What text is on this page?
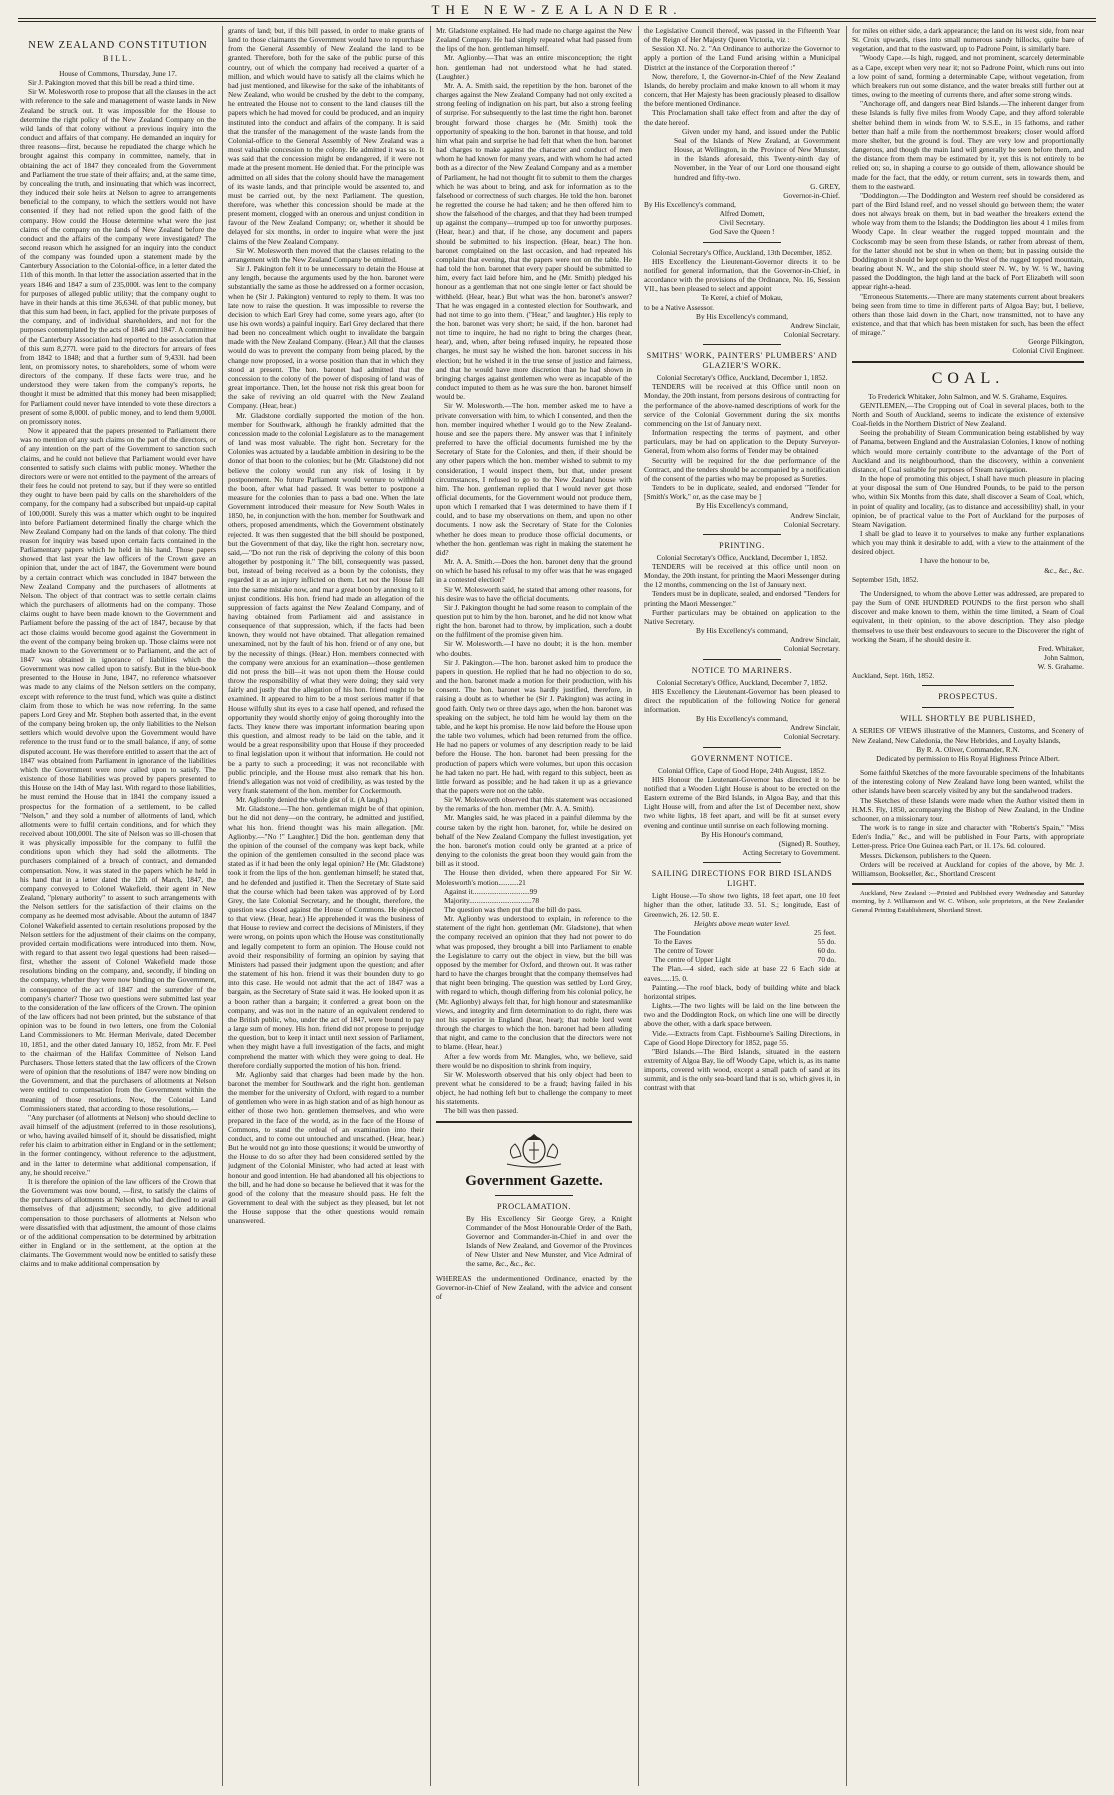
THE NEW-ZEALANDER.
NEW ZEALAND CONSTITUTION
BILL.

House of Commons, Thursday, June 17.

Sir J. Pakington moved that this bill be read a third time.

Sir W. Molesworth rose to propose that all the clauses in the act with reference to the sale and management of waste lands in New Zealand be struck out. It was impossible for the House to determine the right policy of the New Zealand Company on the wild lands of that colony without a previous inquiry into the conduct and affairs of that company. He demanded an inquiry for three reasons—first, because he repudiated the charge which he brought against this company in committee, namely, that in obtaining the act of 1847 they concealed from the Government and Parliament the true state of their affairs; and, at the same time, by concealing the truth, and insinuating that which was incorrect, they induced their sole heirs at Nelson to agree to arrangements beneficial to the company, to which the settlers would not have consented if they had not relied upon the good faith of the company. How could the House determine what were the just claims of the company on the lands of New Zealand before the conduct and the affairs of the company were investigated? The second reason which he assigned for an inquiry into the conduct of the company was founded upon a statement made by the Canterbury Association to the Colonial-office, in a letter dated the 11th of this month. In that letter the association asserted that in the years 1846 and 1847 a sum of 235,000l. was lent to the company for purposes of alleged public utility; that the company ought to have in their hands at this time 36,634l. of that public money, but that this sum had been, in fact, applied for the private purposes of the company, and of individual shareholders, and not for the purposes contemplated by the acts of 1846 and 1847. A committee of the Canterbury Association had reported to the association that of this sum 8,277l. were paid to the directors for arrears of fees from 1842 to 1848; and that a further sum of 9,433l. had been lent, on promissory notes, to shareholders, some of whom were directors of the company. If these facts were true, and he understood they were taken from the company's reports, he thought it must be admitted that this money had been misapplied; for Parliament could never have intended to vote these directors a present of some 8,000l. of public money, and to lend them 9,000l. on promissory notes.

Now it appeared that the papers presented to Parliament there was no mention of any such claims on the part of the directors, or of any intention on the part of the Government to sanction such claims, and he could not believe that Parliament would ever have consented to satisfy such claims with public money. Whether the directors were or were not entitled to the payment of the arrears of their fees he could not pretend to say, but if they were so entitled they ought to have been paid by calls on the shareholders of the company, for the company had a subscribed but unpaid-up capital of 100,000l. Surely this was a matter which ought to be inquired into before Parliament determined finally the charge which the New Zealand Company had on the lands of that colony. The third reason for inquiry was based upon certain facts contained in the Parliamentary papers which he held in his hand. Those papers showed that last year the law officers of the Crown gave an opinion that, under the act of 1847, the Government were bound by a certain contract which was concluded in 1847 between the New Zealand Company and the purchasers of allotments at Nelson. The object of that contract was to settle certain claims which the purchasers of allotments had on the company. Those claims ought to have been made known to the Government and Parliament before the passing of the act of 1847, because by that act those claims would become good against the Government in the event of the company being broken up. Those claims were not made known to the Government or to Parliament, and the act of 1847 was obtained in ignorance of liabilities which the Government was now called upon to satisfy. But in the blue-book presented to the House in June, 1847, no reference whatsoever was made to any claims of the Nelson settlers on the company, except with reference to the trust fund, which was quite a distinct claim from those to which he was now referring. In the same papers Lord Grey and Mr. Stephen both asserted that, in the event of the company being broken up, the only liabilities to the Nelson settlers which would devolve upon the Government would have reference to the trust fund or to the small balance, if any, of some disputed account. He was therefore entitled to assert that the act of 1847 was obtained from Parliament in ignorance of the liabilities which the Government were now called upon to satisfy. The existence of those liabilities was proved by papers presented to this House on the 14th of May last. With regard to those liabilities, he must remind the House that in 1841 the company issued a prospectus for the formation of a settlement, to be called "Nelson," and they sold a number of allotments of land, which allotments were to fulfil certain conditions, and for which they received about 100,000l. The site of Nelson was so ill-chosen that it was physically impossible for the company to fulfil the conditions upon which they had sold the allotments. The purchasers complained of a breach of contract, and demanded compensation. Now, it was stated in the papers which he held in his hand that in a letter dated the 12th of March, 1847, the company conveyed to Colonel Wakefield, their agent in New Zealand, "plenary authority" to assent to such arrangements with the Nelson settlers for the satisfaction of their claims on the company as he deemed most advisable. About the autumn of 1847 Colonel Wakefield assented to certain resolutions proposed by the Nelson settlers for the adjustment of their claims on the company, provided certain modifications were introduced into them. Now, with regard to that assent two legal questions had been raised—first, whether the assent of Colonel Wakefield made those resolutions binding on the company, and, secondly, if binding on the company, whether they were now binding on the Government, in consequence of the act of 1847 and the surrender of the company's charter? Those two questions were submitted last year to the consideration of the law officers of the Crown. The opinion of the law officers had not been printed, but the substance of that opinion was to be found in two letters, one from the Colonial Land Commissioners to Mr. Herman Merivale, dated December 10, 1851, and the other dated January 10, 1852, from Mr. F. Peel to the chairman of the Halifax Committee of Nelson Land Purchasers. Those letters stated that the law officers of the Crown were of opinion that the resolutions of 1847 were now binding on the Government, and that the purchasers of allotments at Nelson were entitled to compensation from the Government within the meaning of those resolutions. Now, the Colonial Land Commissioners stated, that according to those resolutions,—

"Any purchaser (of allotments at Nelson) who should decline to avail himself of the adjustment (referred to in those resolutions), or who, having availed himself of it, should be dissatisfied, might refer his claim to arbitration either in England or in the settlement; in the former contingency, without reference to the adjustment, and in the latter to determine what additional compensation, if any, he should receive."

It is therefore the opinion of the law officers of the Crown that the Government was now bound, —first, to satisfy the claims of the purchasers of allotments at Nelson who had declined to avail themselves of that adjustment; secondly, to give additional compensation to those purchasers of allotments at Nelson who were dissatisfied with that adjustment, the amount of those claims or of the additional compensation to be determined by arbitration either in England or in the settlement, at the option at the claimants. The Government would now be entitled to satisfy these claims and to make additional compensation by

grants of land; but, if this bill passed, in order to make grants of land to those claimants the Government would have to repurchase from the General Assembly of New Zealand the land to be granted. Therefore, both for the sake of the public purse of this country, out of which the company had received a quarter of a million, and which would have to satisfy all the claims which he had just mentioned, and likewise for the sake of the inhabitants of New Zealand, who would be crushed by the debt to the company, he entreated the House not to consent to the land clauses till the papers which he had moved for could be produced, and an inquiry instituted into the conduct and affairs of the company. It is said that the transfer of the management of the waste lands from the Colonial-office to the General Assembly of New Zealand was a most valuable concession to the colony. He admitted it was so. It was said that the concession might be endangered, if it were not made at the present moment. He denied that. For the principle was admitted on all sides that the colony should have the management of its waste lands, and that principle would be assented to, and must be carried out, by the next Parliament. The question, therefore, was whether this concession should be made at the present moment, clogged with an onerous and unjust condition in favour of the New Zealand Company; or, whether it should be delayed for six months, in order to inquire what were the just claims of the New Zealand Company.

Sir W. Molesworth then moved that the clauses relating to the arrangement with the New Zealand Company be omitted.

Sir J. Pakington felt it to be unnecessary to detain the House at any length, because the arguments used by the hon. baronet were substantially the same as those he addressed on a former occasion, when he (Sir J. Pakington) ventured to reply to them. It was too late now to raise the question. It was impossible to reverse the decision to which Earl Grey had come, some years ago, after (to use his own words) a painful inquiry. Earl Grey declared that there had been no concealment which ought to invalidate the bargain made with the New Zealand Company. (Hear.) All that the clauses would do was to prevent the company from being placed, by the change now proposed, in a worse position than that in which they stood at present. The hon. baronet had admitted that the concession to the colony of the power of disposing of land was of great importance. Then, let the house not risk this great boon for the sake of reviving an old quarrel with the New Zealand Company. (Hear, hear.)

Mr. Gladstone cordially supported the motion of the hon. member for Southwark, although he frankly admitted that the concession made to the colonial Legislature as to the management of land was most valuable. The right hon. Secretary for the Colonies was actuated by a laudable ambition in desiring to be the donor of that boon to the colonies; but he (Mr. Gladstone) did not believe the colony would run any risk of losing it by postponement. No future Parliament would venture to withhold the boon, after what had passed. It was better to postpone a measure for the colonies than to pass a bad one. When the late Government introduced their measure for New South Wales in 1850, he, in conjunction with the hon. member for Southwark and others, proposed amendments, which the Government obstinately rejected. It was then suggested that the bill should be postponed, but the Government of that day, like the right hon. secretary now, said,—"Do not run the risk of depriving the colony of this boon altogether by postponing it." The bill, consequently was passed, but, instead of being received as a boon by the colonists, they regarded it as an injury inflicted on them. Let not the House fall into the same mistake now, and mar a great boon by annexing to it unjust conditions. His hon. friend had made an allegation of the suppression of facts against the New Zealand Company, and of having obtained from Parliament aid and assistance in consequence of that suppression, which, if the facts had been known, they would not have obtained. That allegation remained unexamined, not by the fault of his hon. friend or of any one, but by the necessity of things. (Hear.) Hon. members connected with the company were anxious for an examination—those gentlemen did not press the bill—it was not upon them the House could throw the responsibility of what they were doing; they said very fairly and justly that the allegation of his hon. friend ought to be examined. It appeared to him to be a most serious matter if that House wilfully shut its eyes to a case half opened, and refused the opportunity they would shortly enjoy of going thoroughly into the facts. They knew there was important information bearing upon this question, and almost ready to be laid on the table, and it would be a great responsibility upon that House if they proceeded to final legislation upon it without that information. He could not be a party to such a proceeding; it was not reconcilable with public principle, and the House must also remark that his hon. friend's allegation was not void of credibility, as was tested by the very frank statement of the hon. member for Cockermouth.

Mr. Aglionby denied the whole gist of it. (A laugh.)

Mr. Gladstone.—The hon. gentleman might be of that opinion, but he did not deny—on the contrary, he admitted and justified, what his hon. friend thought was his main allegation. [Mr. Aglionby.—"No !" Laughter.] Did the hon. gentleman deny that the opinion of the counsel of the company was kept back, while the opinion of the gentlemen consulted in the second place was stated as if it had been the only legal opinion? He (Mr. Gladstone) took it from the lips of the hon. gentleman himself; he stated that, and he defended and justified it. Then the Secretary of State said that the course which had been taken was approved of by Lord Grey, the late Colonial Secretary, and he thought, therefore, the question was closed against the House of Commons. He objected to that view. (Hear, hear.) He apprehended it was the business of that House to review and correct the decisions of Ministers, if they were wrong, on points upon which the House was constitutionally and legally competent to form an opinion. The House could not avoid their responsibility of forming an opinion by saying that Ministers had passed their judgment upon the question; and after the statement of his hon. friend it was their bounden duty to go into this case. He would not admit that the act of 1847 was a bargain, as the Secretary of State said it was. He looked upon it as a boon rather than a bargain; it conferred a great boon on the company, and was not in the nature of an equivalent rendered to the British public, who, under the act of 1847, were bound to pay a large sum of money. His hon. friend did not propose to prejudge the question, but to keep it intact until next session of Parliament, when they might have a full investigation of the facts, and might comprehend the matter with which they were going to deal. He therefore cordially supported the motion of his hon. friend.

Mr. Aglionby said that charges had been made by the hon. baronet the member for Southwark and the right hon. gentleman the member for the university of Oxford, with regard to a number of gentlemen who were in as high station and of as high honour as either of those two hon. gentlemen themselves, and who were prepared in the face of the world, as in the face of the House of Commons, to stand the ordeal of an examination into their conduct, and to come out untouched and unscathed. (Hear, hear.) But he would not go into those questions; it would be unworthy of the House to do so after they had been considered settled by the judgment of the Colonial Minister, who had acted at least with honour and good intention. He had abandoned all his objections to the bill, and he had done so because he believed that it was for the good of the colony that the measure should pass. He felt the Government to deal with the subject as they pleased, but let not the House suppose that the other questions would remain unanswered.

Mr. Gladstone explained. He had made no charge against the New Zealand Company. He had simply repeated what had passed from the lips of the hon. gentleman himself.

Mr. Aglionby.—That was an entire misconception; the right hon. gentleman had not understood what he had stated. (Laughter.)

Mr. A. A. Smith said, the repetition by the hon. baronet of the charges against the New Zealand Company had not only excited a strong feeling of indignation on his part, but also a strong feeling of surprise. For subsequently to the last time the right hon. baronet brought forward those charges he (Mr. Smith) took the opportunity of speaking to the hon. baronet in that house, and told him what pain and surprise he had felt that when the hon. baronet had charges to make against the character and conduct of men whom he had known for many years, and with whom he had acted both as a director of the New Zealand Company and as a member of Parliament, he had not thought fit to submit to them the charges which he was about to bring, and ask for information as to the falsehood or correctness of such charges. He told the hon. baronet he regretted the course he had taken; and he then offered him to show the falsehood of the charges, and that they had been trumped up against the company—trumped up too for unworthy purposes. (Hear, hear.) and that, if he chose, any document and papers should be submitted to his inspection. (Hear, hear.) The hon. baronet complained on the last occasion, and had repeated his complaint that evening, that the papers were not on the table. He had told the hon. baronet that every paper should be submitted to him, every fact laid before him, and he (Mr. Smith) pledged his honour as a gentleman that not one single letter or fact should be withheld. (Hear, hear.) But what was the hon. baronet's answer? That he was engaged in a contested election for Southwark, and had not time to go into them. ("Hear," and laughter.) His reply to the hon. baronet was very short; he said, if the hon. baronet had not time to inquire, he had no right to bring the charges (hear, hear), and, when, after being refused inquiry, he repeated those charges, he must say he wished the hon. baronet success in his election; but he wished it in the true sense of justice and fairness, and that he would have more discretion than he had shown in bringing charges against gentlemen who were as incapable of the conduct imputed to them as he was sure the hon. baronet himself would be.

Sir W. Molesworth.—The hon. member asked me to have a private conversation with him, to which I consented, and then the hon. member inquired whether I would go to the New Zealand-house and see the papers there. My answer was that I infinitely preferred to have the official documents furnished me by the Secretary of State for the Colonies, and then, if their should be any other papers which the hon. member wished to submit to my consideration, I would inspect them, but that, under present circumstances, I refused to go to the New Zealand house with him. The hon. gentleman replied that I would never get those official documents, for the Government would not produce them, upon which I remarked that I was determined to have them if I could, and to base my observations on them, and upon no other documents. I now ask the Secretary of State for the Colonies whether he does mean to produce those official documents, or whether the hon. gentleman was right in making the statement he did?

Mr. A. A. Smith.—Does the hon. baronet deny that the ground on which he based his refusal to my offer was that he was engaged in a contested election?

Sir W. Molesworth said, he stated that among other reasons, for his desire was to have the official documents.

Sir J. Pakington thought he had some reason to complain of the question put to him by the hon. baronet, and he did not know what right the hon. baronet had to throw, by implication, such a doubt on the fulfilment of the promise given him.

Sir W. Molesworth.—I have no doubt; it is the hon. member who doubts.

Sir J. Pakington.—The hon. baronet asked him to produce the papers in question. He replied that he had no objection to do so, and the hon. baronet made a motion for their production, with his consent. The hon. baronet was hardly justified, therefore, in raising a doubt as to whether he (Sir J. Pakington) was acting in good faith. Only two or three days ago, when the hon. baronet was speaking on the subject, he told him he would lay them on the table, and he kept his promise. He now laid before the House upon the table two volumes, which had been returned from the office. He had no papers or volumes of any description ready to be laid before the House. The hon. baronet had been pressing for the production of papers which were volumes, but upon this occasion he had taken no part. He had, with regard to this subject, been as little forward as possible; and he had taken it up as a grievance that the papers were not on the table.

Sir W. Molesworth observed that this statement was occasioned by the remarks of the hon. member (Mr. A. A. Smith).

Mr. Mangles said, he was placed in a painful dilemma by the course taken by the right hon. baronet, for, while he desired on behalf of the New Zealand Company the fullest investigation, yet the hon. baronet's motion could only be granted at a price of denying to the colonists the great boon they would gain from the bill as it stood.

The House then divided, when there appeared For Sir W. Molesworth's motion...........21

Against it...............................99

Majority..................................78

The question was then put that the bill do pass.

Mr. Aglionby was understood to explain, in reference to the statement of the right hon. gentleman (Mr. Gladstone), that when the company received an opinion that they had not power to do what was proposed, they brought a bill into Parliament to enable the Legislature to carry out the object in view, but the bill was opposed by the member for Oxford, and thrown out. It was rather hard to have the charges brought that the company themselves had that night been bringing. The question was settled by Lord Grey, with regard to which, though differing from his colonial policy, he (Mr. Aglionby) always felt that, for high honour and statesmanlike views, and integrity and firm determination to do right, there was not his superior in England (hear, hear); that noble lord went through the charges to which the hon. baronet had been alluding that night, and came to the conclusion that the directors were not to blame. (Hear, hear.)

After a few words from Mr. Mangles, who, we believe, said there would be no disposition to shrink from inquiry,

Sir W. Molesworth observed that his only object had been to prevent what he considered to be a fraud; having failed in his object, he had nothing left but to challenge the company to meet his statements.

The bill was then passed.

Government Gazette.
PROCLAMATION.

By His Excellency Sir George Grey, a Knight Commander of the Most Honourable Order of the Bath, Governor and Commander-in-Chief in and over the Islands of New Zealand, and Governor of the Provinces of New Ulster and New Munster, and Vice Admiral of the same, &c., &c., &c.

WHEREAS the undermentioned Ordinance, enacted by the Governor-in-Chief of New Zealand, with the advice and consent of

the Legislative Council thereof, was passed in the Fifteenth Year of the Reign of Her Majesty Queen Victoria, viz :

Session XI. No. 2. "An Ordinance to authorize the Governor to apply a portion of the Land Fund arising within a Municipal District at the instance of the Corporation thereof :"

Now, therefore, I, the Governor-in-Chief of the New Zealand Islands, do hereby proclaim and make known to all whom it may concern, that Her Majesty has been graciously pleased to disallow the before mentioned Ordinance.

This Proclamation shall take effect from and after the day of the date hereof.

Given under my hand, and issued under the Public Seal of the Islands of New Zealand, at Government House, at Wellington, in the Province of New Munster, in the Islands aforesaid, this Twenty-ninth day of November, in the Year of our Lord one thousand eight hundred and fifty-two.

G. GREY,

Governor-in-Chief.

By His Excellency's command,

Alfred Domett,

Civil Secretary.

God Save the Queen !

Colonial Secretary's Office, Auckland, 13th December, 1852.

HIS Excellency the Lieutenant-Governor directs it to be notified for general information, that the Governor-in-Chief, in accordance with the provisions of the Ordinance, No. 16, Session VII., has been pleased to select and appoint

Te Kereí, a chief of Mokau,

to be a Native Assessor.

By His Excellency's command,

Andrew Sinclair,

Colonial Secretary.

SMITHS' WORK, PAINTERS' PLUMBERS' AND GLAZIER'S WORK.

Colonial Secretary's Office, Auckland, December 1, 1852.

TENDERS will be received at this Office until noon on Monday, the 20th instant, from persons desirous of contracting for the performance of the above-named descriptions of work for the service of the Colonial Government during the six months commencing on the 1st of January next.

Information respecting the terms of payment, and other particulars, may be had on application to the Deputy Surveyor-General, from whom also forms of Tender may be obtained

Security will be required for the due performance of the Contract, and the tenders should be accompanied by a notification of the consent of the parties who may be proposed as Sureties.

Tenders to be in duplicate, sealed, and endorsed "Tender for [Smith's Work," or, as the case may be ]

By His Excellency's command,

Andrew Sinclair,

Colonial Secretary.

PRINTING.

Colonial Secretary's Office, Auckland, December 1, 1852.

TENDERS will be received at this office until noon on Monday, the 20th instant, for printing the Maori Messenger during the 12 months, commencing on the 1st of January next.

Tenders must be in duplicate, sealed, and endorsed "Tenders for printing the Maori Messenger."

Further particulars may be obtained on application to the Native Secretary.

By His Excellency's command,

Andrew Sinclair,

Colonial Secretary.

NOTICE TO MARINERS.

Colonial Secretary's Office, Auckland, December 7, 1852.

HIS Excellency the Lieutenant-Governor has been pleased to direct the republication of the following Notice for general information.

By His Excellency's command,

Andrew Sinclair,

Colonial Secretary.

GOVERNMENT NOTICE.

Colonial Office, Cape of Good Hope, 24th August, 1852.

HIS Honour the Lieutenant-Governor has directed it to be notified that a Wooden Light House is about to be erected on the Eastern extreme of the Bird Islands, in Algoa Bay, and that this Light House will, from and after the 1st of December next, show two white lights, 18 feet apart, and will be fit at sunset every evening and continue until sunrise on each following morning.

By His Honour's command,

(Signed) R. Southey,

Acting Secretary to Government.

SAILING DIRECTIONS FOR BIRD ISLANDS LIGHT.

Light House.—To show two lights, 18 feet apart, one 10 feet higher than the other, latitude 33. 51. S.; longitude, East of Greenwich, 26. 12. 50. E.

Heights above mean water level.

The Foundation	25 feet.
To the Eaves	55 do.
The centre of Tower	60 do.
The centre of Upper Light	70 do.

The Plan.—4 sided, each side at base 22 6 Each side at eaves......15. 0.

Painting.—The roof black, body of building white and black horizontal stripes.

Lights.—The two lights will be laid on the line between the two and the Doddington Rock, on which line one will be directly above the other, with a dark space between.

Vide.—Extracts from Capt. Fishbourne's Sailing Directions, in Cape of Good Hope Directory for 1852, page 55.

"Bird Islands.—The Bird Islands, situated in the eastern extremity of Algoa Bay, lie off Woody Cape, which is, as its name imports, covered with wood, except a small patch of sand at its summit, and is the only sea-board land that is so, which gives it, in contrast with that

for miles on either side, a dark appearance; the land on its west side, from near St. Croix upwards, rises into small numerous sandy hillocks, quite bare of vegetation, and that to the eastward, up to Padrone Point, is similarly bare.

"Woody Cape.—Is high, rugged, and not prominent, scarcely determinable as a Cape, except when very near it; not so Padrone Point, which runs out into a low point of sand, forming a determinable Cape, without vegetation, from which breakers run out some distance, and the water breaks still further out at times, owing to the meeting of currents there, and after some strong winds.

"Anchorage off, and dangers near Bird Islands.—The inherent danger from these Islands is fully five miles from Woody Cape, and they afford tolerable shelter behind them in winds from W. to S.S.E., in 15 fathoms, and rather better than half a mile from the northernmost breakers; closer would afford more shelter, but the ground is foul. They are very low and proportionally dangerous, and though the main land will generally be seen before them, and the distance from them may be estimated by it, yet this is not entirely to be relied on; so, in shaping a course to go outside of them, allowance should be made for the fact, that the eddy, or return current, sets in towards them, and them to the eastward.

"Doddington.—The Doddington and Western reef should be considered as part of the Bird Island reef, and no vessel should go between them; the water does not always break on them, but in bad weather the breakers extend the whole way from them to the Islands; the Doddington lies about 4 1 miles from Woody Cape. In clear weather the rugged topped mountain and the Cockscomb may be seen from these Islands, or rather from abreast of them, for the latter should not be shut in when on them; but in passing outside the Doddington it should be kept open to the West of the rugged topped mountain, bearing about N. W., and the ship should steer N. W., by W. ½ W., having passed the Doddington, the high land at the back of Port Elizabeth will soon appear right-a-head.

"Erroneous Statements.—There are many statements current about breakers being seen from time to time in different parts of Algoa Bay; but, I believe, others than those laid down in the Chart, now transmitted, not to have any existence, and that that which has been mistaken for such, has been the effect of mirage."

George Pilkington,

Colonial Civil Engineer.

COAL.

To Frederick Whitaker, John Salmon, and W. S. Grahame, Esquires.

GENTLEMEN,—The Cropping out of Coal in several places, both to the North and South of Auckland, seems to indicate the existence of extensive Coal-fields in the Northern District of New Zealand.

Seeing the probability of Steam Communication being established by way of Panama, between England and the Australasian Colonies, I know of nothing which would more certainly contribute to the advantage of the Port of Auckland and its neighbourhood, than the discovery, within a convenient distance, of Coal suitable for purposes of Steam navigation.

In the hope of promoting this object, I shall have much pleasure in placing at your disposal the sum of One Hundred Pounds, to be paid to the person who, within Six Months from this date, shall discover a Seam of Coal, which, in point of quality and locality, (as to distance and accessibility) shall, in your opinion, be of practical value to the Port of Auckland for the purposes of Steam Navigation.

I shall be glad to leave it to yourselves to make any further explanations which you may think it desirable to add, with a view to the attainment of the desired object.

I have the honour to be,

&c., &c., &c.

September 15th, 1852.

The Undersigned, to whom the above Letter was addressed, are prepared to pay the Sum of ONE HUNDRED POUNDS to the first person who shall discover and make known to them, within the time limited, a Seam of Coal equivalent, in their opinion, to the above description. They also pledge themselves to use their best endeavours to secure to the Discoverer the right of working the Seam, if he should desire it.

Fred. Whitaker,

John Salmon,

W. S. Grahame.

Auckland, Sept. 16th, 1852.

PROSPECTUS.
WILL SHORTLY BE PUBLISHED,

A SERIES OF VIEWS illustrative of the Manners, Customs, and Scenery of New Zealand, New Caledonia, the New Hebrides, and Loyalty Islands,

By R. A. Oliver, Commander, R.N.

Dedicated by permission to His Royal Highness Prince Albert.

Some faithful Sketches of the more favourable specimens of the Inhabitants of the interesting colony of New Zealand have long been wanted, whilst the other islands have been scarcely visited by any but the sandalwood traders.

The Sketches of these Islands were made when the Author visited them in H.M.S. Fly, 1850, accompanying the Bishop of New Zealand, in the Undine schooner, on a missionary tour.

The work is to range in size and character with "Roberts's Spain," "Miss Eden's India," &c., and will be published in Four Parts, with appropriate Letter-press. Price One Guinea each Part, or 1l. 17s. 6d. coloured.

Messrs. Dickenson, publishers to the Queen.

Orders will be received at Auckland for copies of the above, by Mr. J. Williamson, Bookseller, &c., Shortland Crescent

Auckland, New Zealand :—Printed and Published every Wednesday and Saturday morning, by J. Williamson and W. C. Wilson, sole proprietors, at the New Zealander General Printing Establishment, Shortland Street.
